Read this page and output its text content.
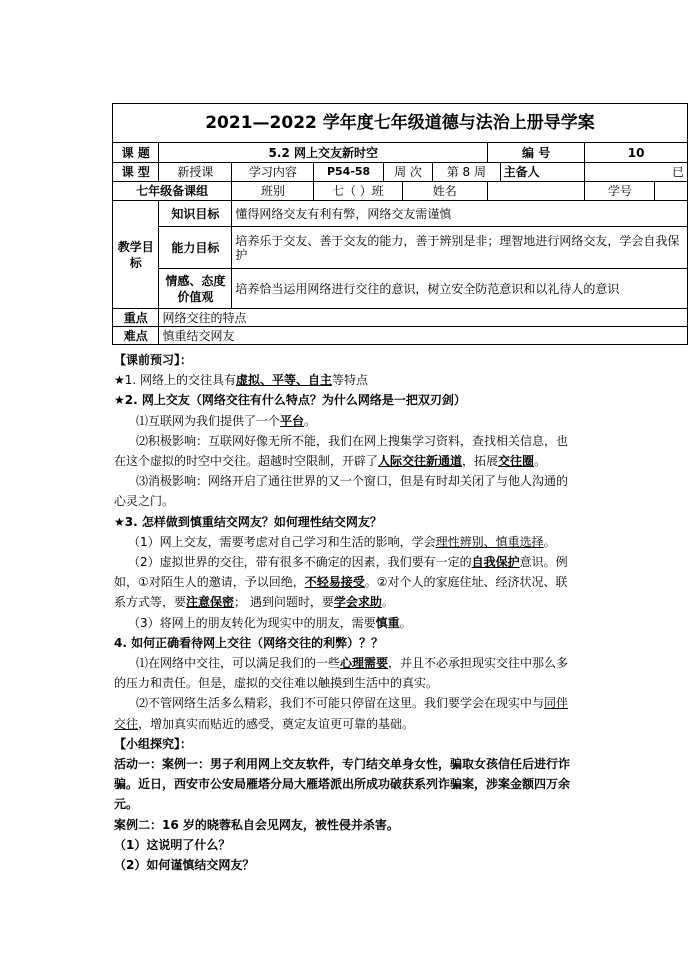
2021—2022 学年度七年级道德与法治上册导学案										
课 题	5.2 网上交友新时空						编 号		10	
课 型	新授课	学习内容	P54-58	周 次		第 8 周		主备人	已	
七年级备课组		班别	七（ ）班		姓名				学号	
教学目标	知识目标	懂得网络交友有利有弊，网络交友需谨慎								
	能力目标	培养乐于交友、善于交友的能力，善于辨别是非；理智地进行网络交友，学会自我保护								
	情感、态度价值观	培养恰当运用网络进行交往的意识，树立安全防范意识和以礼待人的意识								
重点	网络交往的特点									
难点	慎重结交网友									

【课前预习】：

★1. 网络上的交往具有虚拟、平等、自主等特点

★2. 网上交友（网络交往有什么特点？为什么网络是一把双刃剑）

⑴互联网为我们提供了一个平台。

⑵积极影响：互联网好像无所不能，我们在网上搜集学习资料，查找相关信息，也在这个虚拟的时空中交往。超越时空限制，开辟了人际交往新通道，拓展交往圈。

⑶消极影响：网络开启了通往世界的又一个窗口，但是有时却关闭了与他人沟通的心灵之门。

★3. 怎样做到慎重结交网友？如何理性结交网友？

（1）网上交友，需要考虑对自己学习和生活的影响，学会理性辨别、慎重选择。

（2）虚拟世界的交往，带有很多不确定的因素，我们要有一定的自我保护意识。例如，①对陌生人的邀请，予以回绝，不轻易接受。②对个人的家庭住址、经济状况、联系方式等，要注意保密； 遇到问题时，要学会求助。

（3）将网上的朋友转化为现实中的朋友，需要慎重。

4. 如何正确看待网上交往（网络交往的利弊）？？

⑴在网络中交往，可以满足我们的一些心理需要，并且不必承担现实交往中那么多的压力和责任。但是，虚拟的交往难以触摸到生活中的真实。

⑵不管网络生活多么精彩，我们不可能只停留在这里。我们要学会在现实中与同伴交往，增加真实而贴近的感受，奠定友谊更可靠的基础。

【小组探究】：

活动一：案例一：男子利用网上交友软件，专门结交单身女性，骗取女孩信任后进行诈骗。近日，西安市公安局雁塔分局大雁塔派出所成功破获系列诈骗案，涉案金额四万余元。

案例二：16 岁的晓蓉私自会见网友，被性侵并杀害。

（1）这说明了什么？

（2）如何谨慎结交网友？
